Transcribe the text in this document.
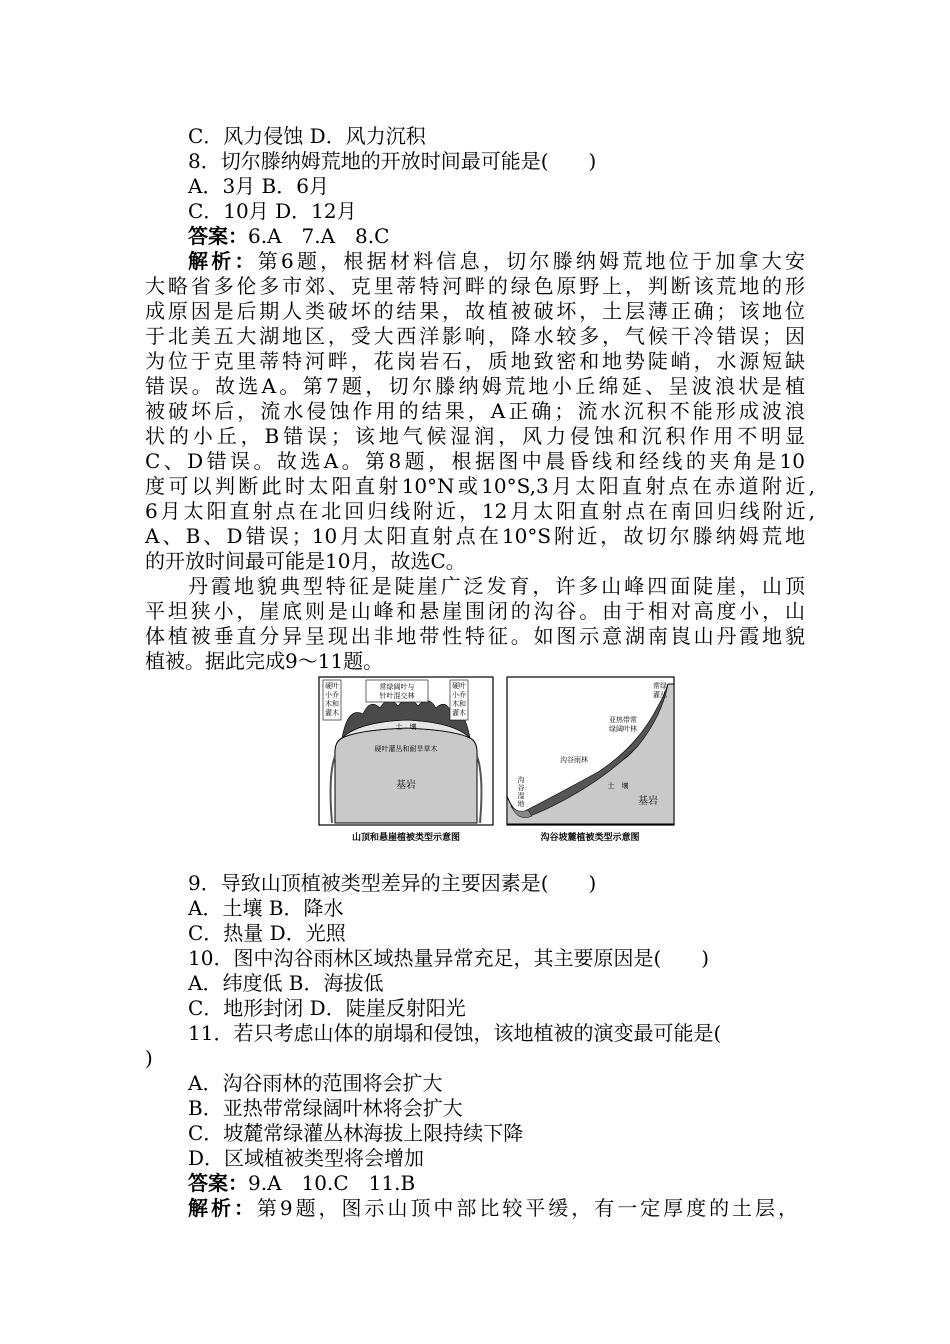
C．风力侵蚀 D．风力沉积
8．切尔滕纳姆荒地的开放时间最可能是(　　)
A．3月 B．6月
C．10月 D．12月
答案：6.A　7.A　8.C
解析：第6题，根据材料信息，切尔滕纳姆荒地位于加拿大安
大略省多伦多市郊、克里蒂特河畔的绿色原野上，判断该荒地的形
成原因是后期人类破坏的结果，故植被破坏，土层薄正确；该地位
于北美五大湖地区，受大西洋影响，降水较多，气候干冷错误；因
为位于克里蒂特河畔，花岗岩石，质地致密和地势陡峭，水源短缺
错误。故选A。第7题，切尔滕纳姆荒地小丘绵延、呈波浪状是植
被破坏后，流水侵蚀作用的结果，A正确；流水沉积不能形成波浪
状的小丘，B错误；该地气候湿润，风力侵蚀和沉积作用不明显
C、D错误。故选A。第8题，根据图中晨昏线和经线的夹角是10
度可以判断此时太阳直射10°N或10°S,3月太阳直射点在赤道附近,
6月太阳直射点在北回归线附近，12月太阳直射点在南回归线附近,
A、B、D错误；10月太阳直射点在10°S附近，故切尔滕纳姆荒地
的开放时间最可能是10月，故选C。
丹霞地貌典型特征是陡崖广泛发育，许多山峰四面陡崖，山顶
平坦狭小，崖底则是山峰和悬崖围闭的沟谷。由于相对高度小，山
体植被垂直分异呈现出非地带性特征。如图示意湖南崀山丹霞地貌
植被。据此完成9～11题。
硬叶小乔木和灌木
常绿阔叶与针叶混交林
硬叶小乔木和灌木
土　壤
硬叶灌丛和耐旱草木
基岩
山顶和悬崖植被类型示意图
常绿灌丛
亚热带常绿阔叶林
沟谷雨林
沟谷湿地
土　壤
基岩
沟谷坡麓植被类型示意图
9．导致山顶植被类型差异的主要因素是(　　)
A．土壤 B．降水
C．热量 D．光照
10．图中沟谷雨林区域热量异常充足，其主要原因是(　　)
A．纬度低 B．海拔低
C．地形封闭 D．陡崖反射阳光
11．若只考虑山体的崩塌和侵蚀，该地植被的演变最可能是(
)
A．沟谷雨林的范围将会扩大
B．亚热带常绿阔叶林将会扩大
C．坡麓常绿灌丛林海拔上限持续下降
D．区域植被类型将会增加
答案：9.A　10.C　11.B
解析：第9题，图示山顶中部比较平缓，有一定厚度的土层，
